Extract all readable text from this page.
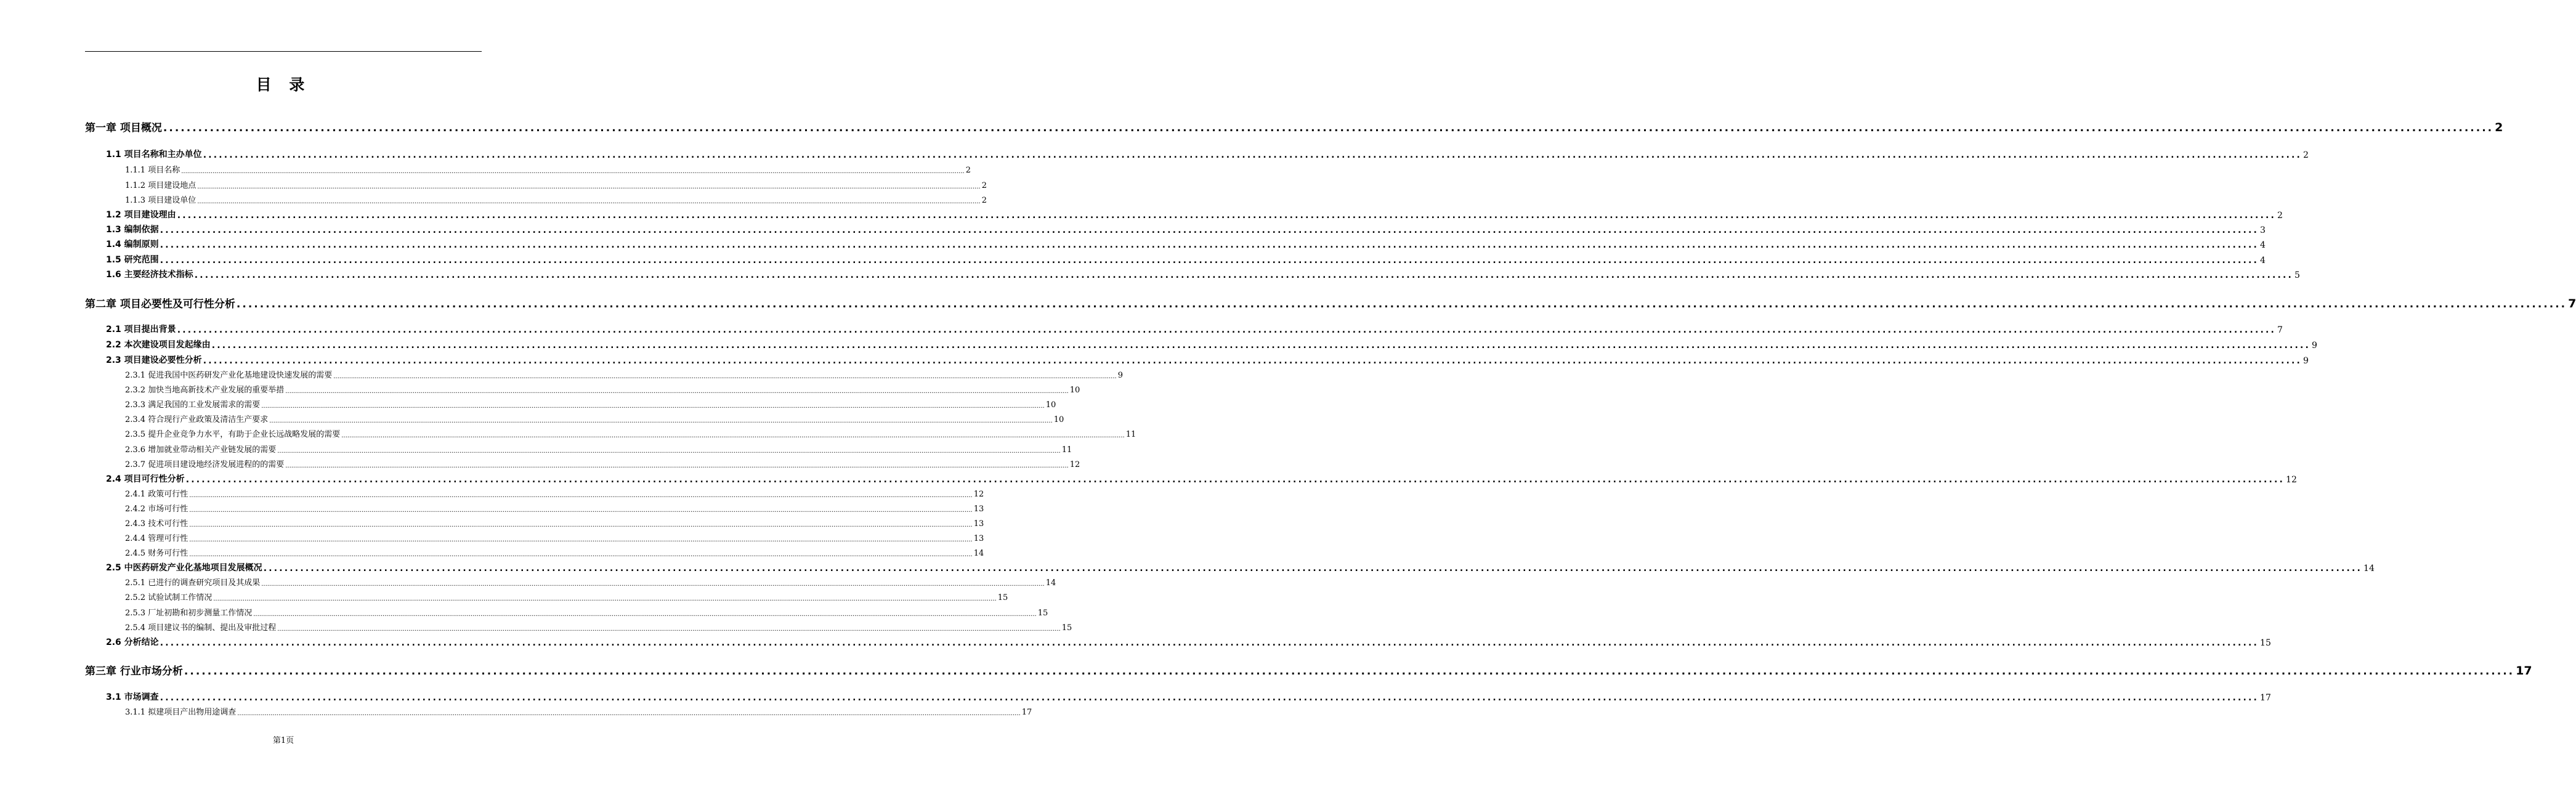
目 录
第一章 项目概况 ................................................................................................................................................................................................................................................................................................................................................................................................................ 2
1.1 项目名称和主办单位 ................................................................................................................................................................................................................................................................................................................................................................................................................ 2
1.1.1 项目名称 ................................................................................................................................................................................................................................................................................................................................................................................................................ 2
1.1.2 项目建设地点 ................................................................................................................................................................................................................................................................................................................................................................................................................ 2
1.1.3 项目建设单位 ................................................................................................................................................................................................................................................................................................................................................................................................................ 2
1.2 项目建设理由 ................................................................................................................................................................................................................................................................................................................................................................................................................ 2
1.3 编制依据 ................................................................................................................................................................................................................................................................................................................................................................................................................ 3
1.4 编制原则 ................................................................................................................................................................................................................................................................................................................................................................................................................ 4
1.5 研究范围 ................................................................................................................................................................................................................................................................................................................................................................................................................ 4
1.6 主要经济技术指标 ................................................................................................................................................................................................................................................................................................................................................................................................................ 5
第二章 项目必要性及可行性分析 ................................................................................................................................................................................................................................................................................................................................................................................................................ 7
2.1 项目提出背景 ................................................................................................................................................................................................................................................................................................................................................................................................................ 7
2.2 本次建设项目发起缘由 ................................................................................................................................................................................................................................................................................................................................................................................................................ 9
2.3 项目建设必要性分析 ................................................................................................................................................................................................................................................................................................................................................................................................................ 9
2.3.1 促进我国中医药研发产业化基地建设快速发展的需要 ................................................................................................................................................................................................................................................................................................................................................................................................................ 9
2.3.2 加快当地高新技术产业发展的重要举措 ................................................................................................................................................................................................................................................................................................................................................................................................................ 10
2.3.3 满足我国的工业发展需求的需要 ................................................................................................................................................................................................................................................................................................................................................................................................................ 10
2.3.4 符合现行产业政策及清洁生产要求 ................................................................................................................................................................................................................................................................................................................................................................................................................ 10
2.3.5 提升企业竞争力水平，有助于企业长远战略发展的需要 ................................................................................................................................................................................................................................................................................................................................................................................................................ 11
2.3.6 增加就业带动相关产业链发展的需要 ................................................................................................................................................................................................................................................................................................................................................................................................................ 11
2.3.7 促进项目建设地经济发展进程的的需要 ................................................................................................................................................................................................................................................................................................................................................................................................................ 12
2.4 项目可行性分析 ................................................................................................................................................................................................................................................................................................................................................................................................................ 12
2.4.1 政策可行性 ................................................................................................................................................................................................................................................................................................................................................................................................................ 12
2.4.2 市场可行性 ................................................................................................................................................................................................................................................................................................................................................................................................................ 13
2.4.3 技术可行性 ................................................................................................................................................................................................................................................................................................................................................................................................................ 13
2.4.4 管理可行性 ................................................................................................................................................................................................................................................................................................................................................................................................................ 13
2.4.5 财务可行性 ................................................................................................................................................................................................................................................................................................................................................................................................................ 14
2.5 中医药研发产业化基地项目发展概况 ................................................................................................................................................................................................................................................................................................................................................................................................................ 14
2.5.1 已进行的调查研究项目及其成果 ................................................................................................................................................................................................................................................................................................................................................................................................................ 14
2.5.2 试验试制工作情况 ................................................................................................................................................................................................................................................................................................................................................................................................................ 15
2.5.3 厂址初勘和初步测量工作情况 ................................................................................................................................................................................................................................................................................................................................................................................................................ 15
2.5.4 项目建议书的编制、提出及审批过程 ................................................................................................................................................................................................................................................................................................................................................................................................................ 15
2.6 分析结论 ................................................................................................................................................................................................................................................................................................................................................................................................................ 15
第三章 行业市场分析 ................................................................................................................................................................................................................................................................................................................................................................................................................ 17
3.1 市场调查 ................................................................................................................................................................................................................................................................................................................................................................................................................ 17
3.1.1 拟建项目产出物用途调查 ................................................................................................................................................................................................................................................................................................................................................................................................................ 17
第1页
